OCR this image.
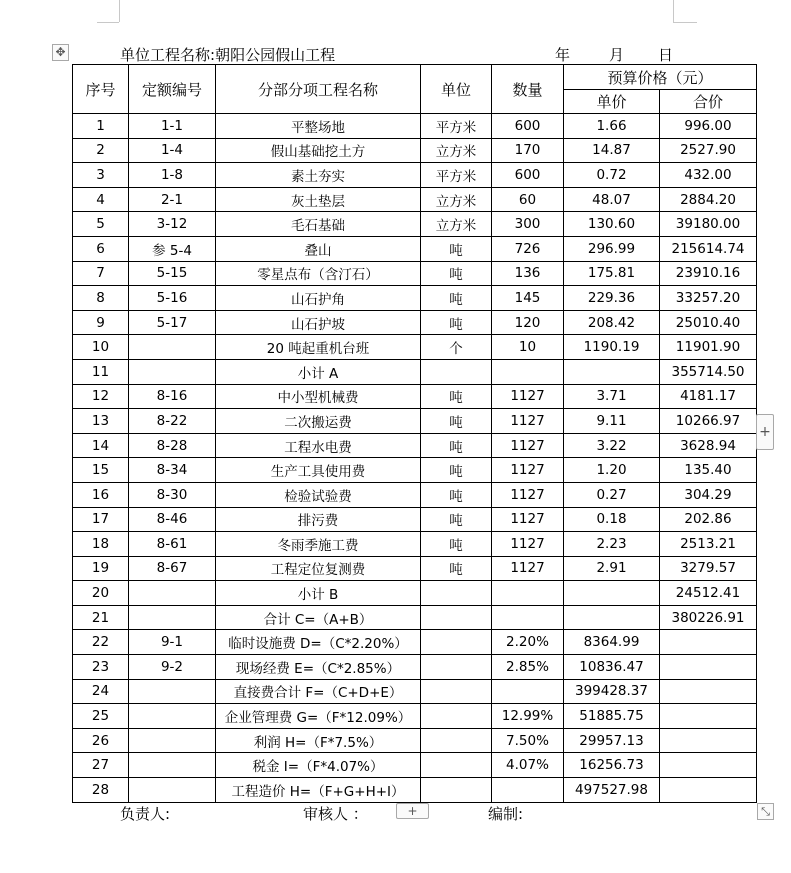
✥	单位工程名称:朝阳公园假山工程	年	月 日
序号	定额编号	分部分项工程名称	单位	数量	预算价格（元）	
					单价	合价
1	1-1	平整场地	平方米	600	1.66	996.00
2	1-4	假山基础挖土方	立方米	170	14.87	2527.90
3	1-8	素土夯实	平方米	600	0.72	432.00
4	2-1	灰土垫层	立方米	60	48.07	2884.20
5	3-12	毛石基础	立方米	300	130.60	39180.00
6	参 5-4	叠山	吨	726	296.99	215614.74
7	5-15	零星点布（含汀石）	吨	136	175.81	23910.16
8	5-16	山石护角	吨	145	229.36	33257.20
9	5-17	山石护坡	吨	120	208.42	25010.40
10		20 吨起重机台班	个	10	1190.19	11901.90
11		小计 A				355714.50
12	8-16	中小型机械费	吨	1127	3.71	4181.17
13	8-22	二次搬运费	吨	1127	9.11	10266.97
14	8-28	工程水电费	吨	1127	3.22	3628.94
15	8-34	生产工具使用费	吨	1127	1.20	135.40
16	8-30	检验试验费	吨	1127	0.27	304.29
17	8-46	排污费	吨	1127	0.18	202.86
18	8-61	冬雨季施工费	吨	1127	2.23	2513.21
19	8-67	工程定位复测费	吨	1127	2.91	3279.57
20		小计 B				24512.41
21		合计 C=（A+B）				380226.91
22	9-1	临时设施费 D=（C*2.20%）		2.20%	8364.99	
23	9-2	现场经费 E=（C*2.85%）		2.85%	10836.47	
24		直接费合计 F=（C+D+E）			399428.37	
25		企业管理费 G=（F*12.09%）		12.99%	51885.75	
26		利润 H=（F*7.5%）		7.50%	29957.13	
27		税金 I=（F*4.07%）		4.07%	16256.73	
28		工程造价 H=（F+G+H+I）			497527.98	
+
+	⤡
负责人:	审核人 ：	编制:
